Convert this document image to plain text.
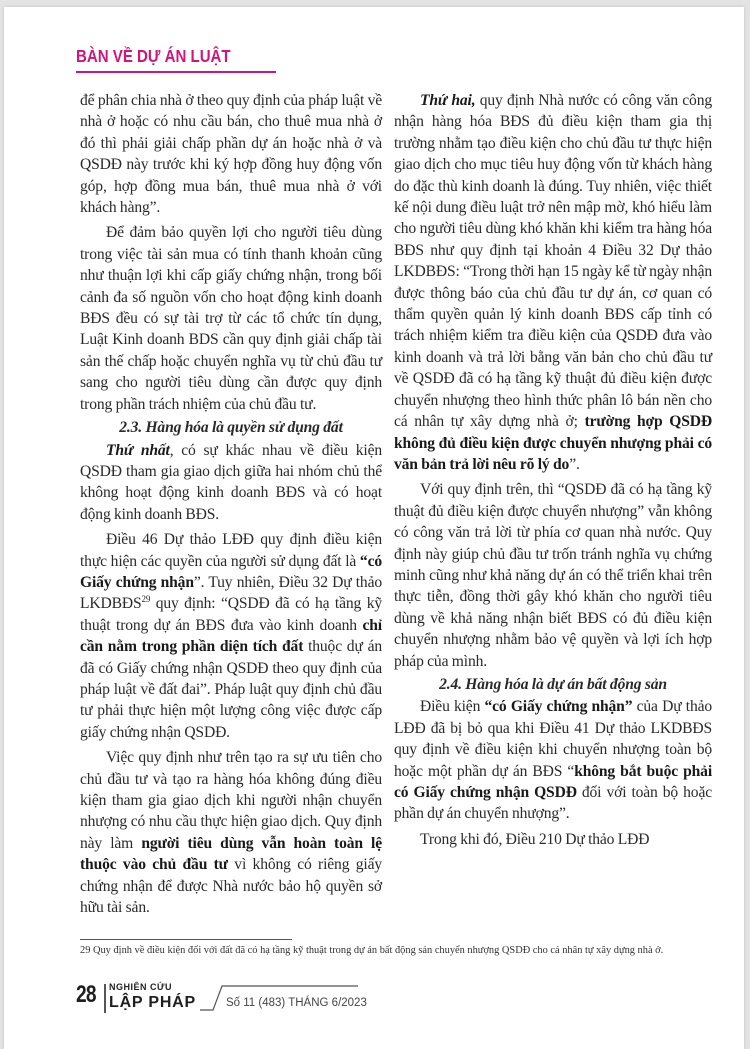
BÀN VỀ DỰ ÁN LUẬT

để phân chia nhà ở theo quy định của pháp luật về nhà ở hoặc có nhu cầu bán, cho thuê mua nhà ở đó thì phải giải chấp phần dự án hoặc nhà ở và QSDĐ này trước khi ký hợp đồng huy động vốn góp, hợp đồng mua bán, thuê mua nhà ở với khách hàng”.

Để đảm bảo quyền lợi cho người tiêu dùng trong việc tài sản mua có tính thanh khoản cũng như thuận lợi khi cấp giấy chứng nhận, trong bối cảnh đa số nguồn vốn cho hoạt động kinh doanh BĐS đều có sự tài trợ từ các tổ chức tín dụng, Luật Kinh doanh BDS cần quy định giải chấp tài sản thế chấp hoặc chuyển nghĩa vụ từ chủ đầu tư sang cho người tiêu dùng cần được quy định trong phần trách nhiệm của chủ đầu tư.

2.3. Hàng hóa là quyền sử dụng đất

Thứ nhất, có sự khác nhau về điều kiện QSDĐ tham gia giao dịch giữa hai nhóm chủ thể không hoạt động kinh doanh BĐS và có hoạt động kinh doanh BĐS.

Điều 46 Dự thảo LĐĐ quy định điều kiện thực hiện các quyền của người sử dụng đất là “có Giấy chứng nhận”. Tuy nhiên, Điều 32 Dự thảo LKDBĐS$^{29}$ quy định: “QSDĐ đã có hạ tầng kỹ thuật trong dự án BĐS đưa vào kinh doanh chỉ cần nằm trong phần diện tích đất thuộc dự án đã có Giấy chứng nhận QSDĐ theo quy định của pháp luật về đất đai”. Pháp luật quy định chủ đầu tư phải thực hiện một lượng công việc được cấp giấy chứng nhận QSDĐ.

Việc quy định như trên tạo ra sự ưu tiên cho chủ đầu tư và tạo ra hàng hóa không đúng điều kiện tham gia giao dịch khi người nhận chuyển nhượng có nhu cầu thực hiện giao dịch. Quy định này làm người tiêu dùng vẫn hoàn toàn lệ thuộc vào chủ đầu tư vì không có riêng giấy chứng nhận để được Nhà nước bảo hộ quyền sở hữu tài sản.

Thứ hai, quy định Nhà nước có công văn công nhận hàng hóa BĐS đủ điều kiện tham gia thị trường nhằm tạo điều kiện cho chủ đầu tư thực hiện giao dịch cho mục tiêu huy động vốn từ khách hàng do đặc thù kinh doanh là đúng. Tuy nhiên, việc thiết kế nội dung điều luật trở nên mập mờ, khó hiểu làm cho người tiêu dùng khó khăn khi kiểm tra hàng hóa BĐS như quy định tại khoản 4 Điều 32 Dự thảo LKDBĐS: “Trong thời hạn 15 ngày kể từ ngày nhận được thông báo của chủ đầu tư dự án, cơ quan có thẩm quyền quản lý kinh doanh BĐS cấp tỉnh có trách nhiệm kiểm tra điều kiện của QSDĐ đưa vào kinh doanh và trả lời bằng văn bản cho chủ đầu tư về QSDĐ đã có hạ tầng kỹ thuật đủ điều kiện được chuyển nhượng theo hình thức phân lô bán nền cho cá nhân tự xây dựng nhà ở; trường hợp QSDĐ không đủ điều kiện được chuyển nhượng phải có văn bản trả lời nêu rõ lý do”.

Với quy định trên, thì “QSDĐ đã có hạ tầng kỹ thuật đủ điều kiện được chuyển nhượng” vẫn không có công văn trả lời từ phía cơ quan nhà nước. Quy định này giúp chủ đầu tư trốn tránh nghĩa vụ chứng minh cũng như khả năng dự án có thể triển khai trên thực tiễn, đồng thời gây khó khăn cho người tiêu dùng về khả năng nhận biết BĐS có đủ điều kiện chuyển nhượng nhằm bảo vệ quyền và lợi ích hợp pháp của mình.

2.4. Hàng hóa là dự án bất động sản

Điều kiện “có Giấy chứng nhận” của Dự thảo LĐĐ đã bị bỏ qua khi Điều 41 Dự thảo LKDBĐS quy định về điều kiện khi chuyển nhượng toàn bộ hoặc một phần dự án BĐS “không bắt buộc phải có Giấy chứng nhận QSDĐ đối với toàn bộ hoặc phần dự án chuyển nhượng”.

Trong khi đó, Điều 210 Dự thảo LĐĐ

29 Quy định về điều kiện đối với đất đã có hạ tầng kỹ thuật trong dự án bất động sản chuyển nhượng QSDĐ cho cá nhân tự xây dựng nhà ở.
28 NGHIÊN CỨU
LẬP PHÁP	Số 11 (483) THÁNG 6/2023
